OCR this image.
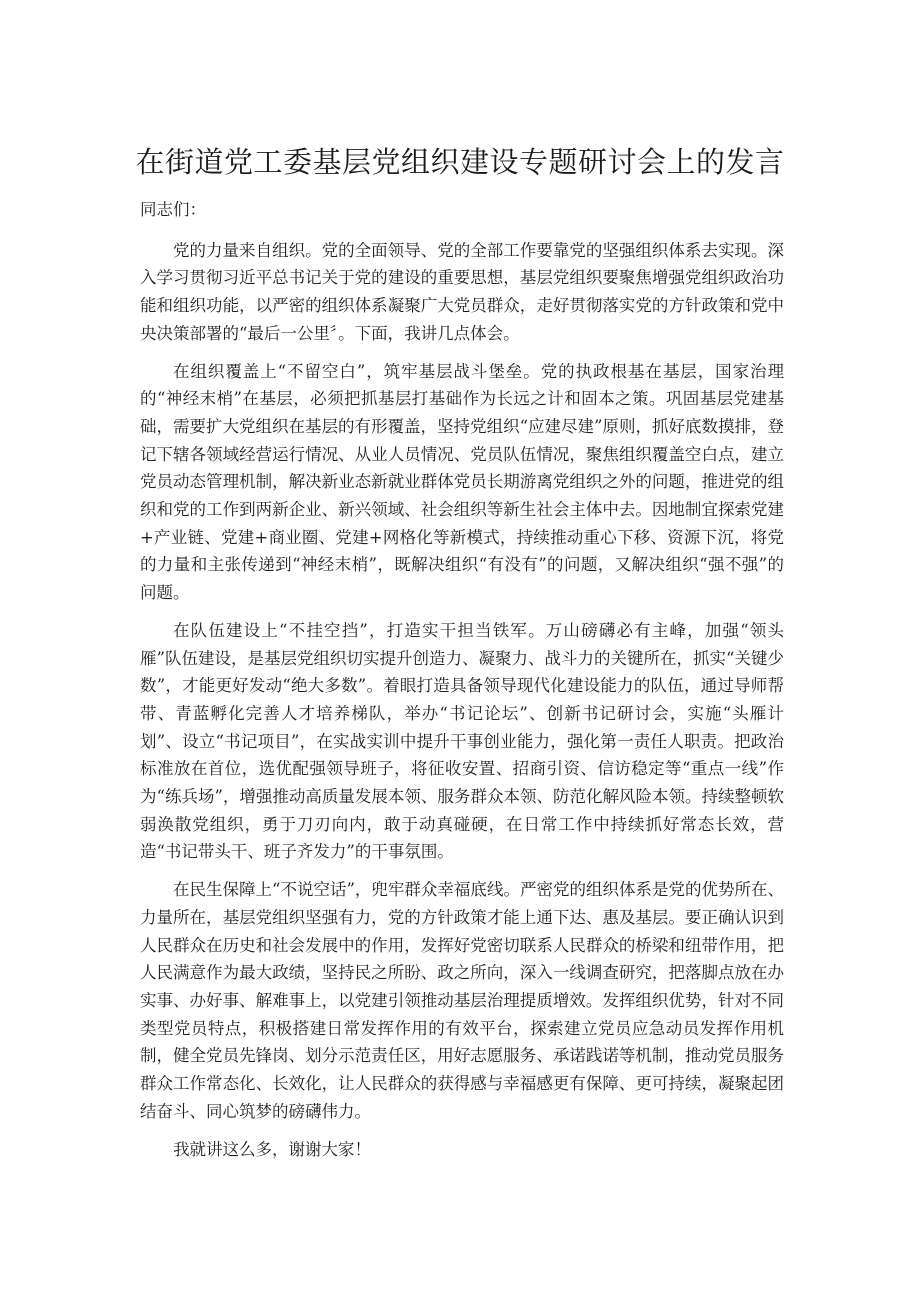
在街道党工委基层党组织建设专题研讨会上的发言

同志们：

党的力量来自组织。党的全面领导、党的全部工作要靠党的坚强组织体系去实现。深入学习贯彻习近平总书记关于党的建设的重要思想，基层党组织要聚焦增强党组织政治功能和组织功能，以严密的组织体系凝聚广大党员群众，走好贯彻落实党的方针政策和党中央决策部署的“最后一公里〞。下面，我讲几点体会。

在组织覆盖上“不留空白”，筑牢基层战斗堡垒。党的执政根基在基层，国家治理的“神经末梢”在基层，必须把抓基层打基础作为长远之计和固本之策。巩固基层党建基础，需要扩大党组织在基层的有形覆盖，坚持党组织“应建尽建”原则，抓好底数摸排，登记下辖各领域经营运行情况、从业人员情况、党员队伍情况，聚焦组织覆盖空白点，建立党员动态管理机制，解决新业态新就业群体党员长期游离党组织之外的问题，推进党的组织和党的工作到两新企业、新兴领域、社会组织等新生社会主体中去。因地制宜探索党建+产业链、党建+商业圈、党建+网格化等新模式，持续推动重心下移、资源下沉，将党的力量和主张传递到“神经末梢”，既解决组织“有没有”的问题，又解决组织“强不强”的问题。

在队伍建设上“不挂空挡”，打造实干担当铁军。万山磅礴必有主峰，加强“领头雁”队伍建设，是基层党组织切实提升创造力、凝聚力、战斗力的关键所在，抓实“关键少数”，才能更好发动“绝大多数”。着眼打造具备领导现代化建设能力的队伍，通过导师帮带、青蓝孵化完善人才培养梯队，举办“书记论坛”、创新书记研讨会，实施“头雁计划”、设立“书记项目”，在实战实训中提升干事创业能力，强化第一责任人职责。把政治标准放在首位，选优配强领导班子，将征收安置、招商引资、信访稳定等“重点一线”作为“练兵场”，增强推动高质量发展本领、服务群众本领、防范化解风险本领。持续整顿软弱涣散党组织，勇于刀刃向内，敢于动真碰硬，在日常工作中持续抓好常态长效，营造“书记带头干、班子齐发力”的干事氛围。

在民生保障上“不说空话”，兜牢群众幸福底线。严密党的组织体系是党的优势所在、力量所在，基层党组织坚强有力，党的方针政策才能上通下达、惠及基层。要正确认识到人民群众在历史和社会发展中的作用，发挥好党密切联系人民群众的桥梁和纽带作用，把人民满意作为最大政绩，坚持民之所盼、政之所向，深入一线调查研究，把落脚点放在办实事、办好事、解难事上，以党建引领推动基层治理提质增效。发挥组织优势，针对不同类型党员特点，积极搭建日常发挥作用的有效平台，探索建立党员应急动员发挥作用机制，健全党员先锋岗、划分示范责任区，用好志愿服务、承诺践诺等机制，推动党员服务群众工作常态化、长效化，让人民群众的获得感与幸福感更有保障、更可持续，凝聚起团结奋斗、同心筑梦的磅礴伟力。

我就讲这么多，谢谢大家！
